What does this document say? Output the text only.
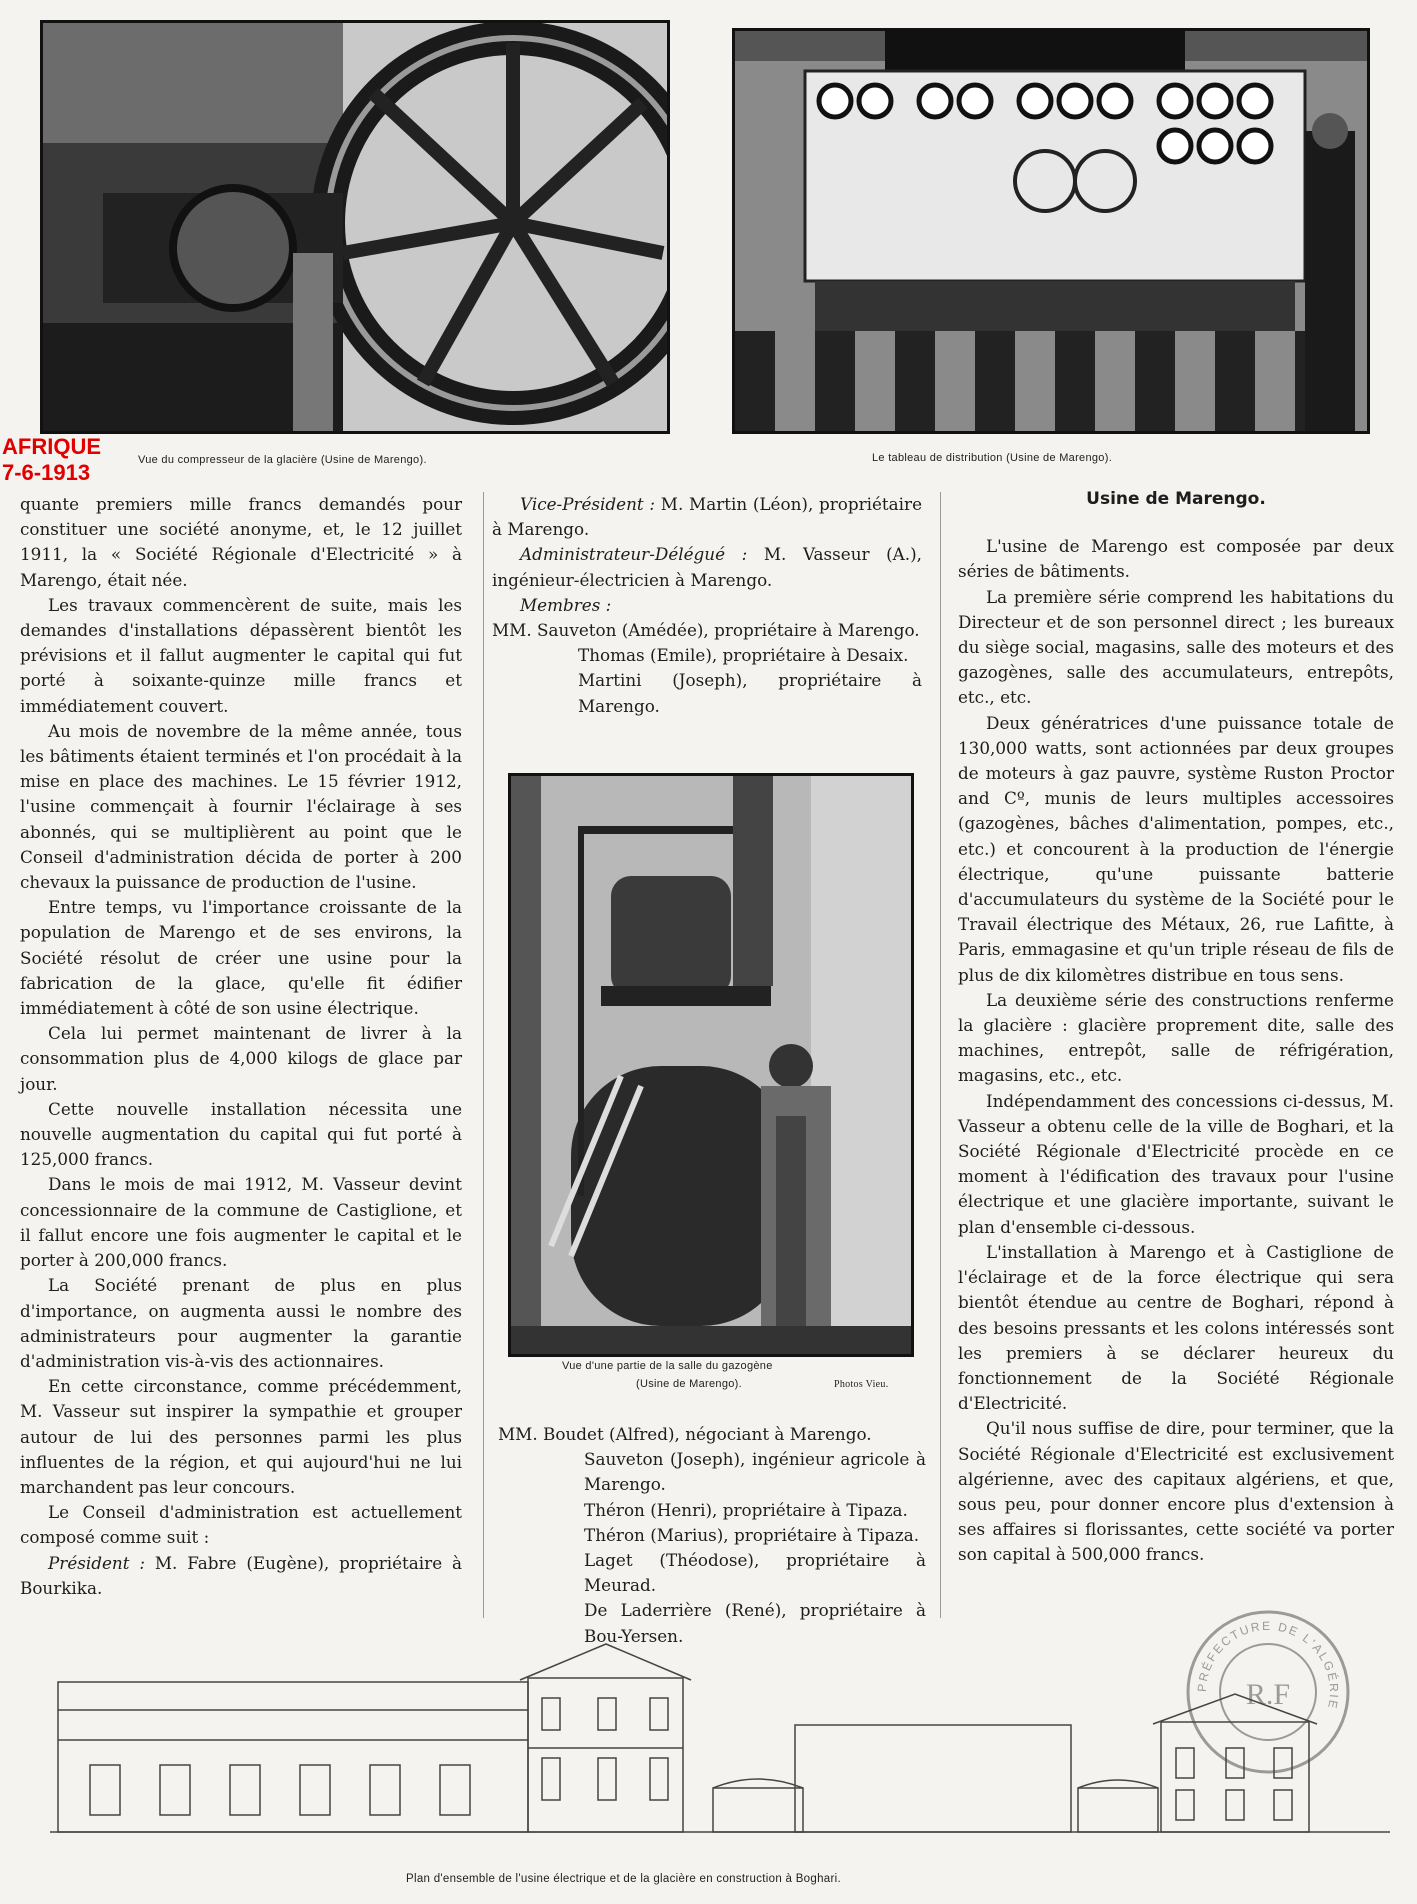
Vue du compresseur de la glacière (Usine de Marengo).	Le tableau de distribution (Usine de Marengo).
AFRIQUE
7-6-1913

quante premiers mille francs demandés pour constituer une société anonyme, et, le 12 juillet 1911, la « Société Régionale d'Electricité » à Marengo, était née.

Les travaux commencèrent de suite, mais les demandes d'installations dépassèrent bientôt les prévisions et il fallut augmenter le capital qui fut porté à soixante-quinze mille francs et immédiatement couvert.

Au mois de novembre de la même année, tous les bâtiments étaient terminés et l'on procédait à la mise en place des machines. Le 15 février 1912, l'usine commençait à fournir l'éclairage à ses abonnés, qui se multiplièrent au point que le Conseil d'administration décida de porter à 200 chevaux la puissance de production de l'usine.

Entre temps, vu l'importance croissante de la population de Marengo et de ses environs, la Société résolut de créer une usine pour la fabrication de la glace, qu'elle fit édifier immédiatement à côté de son usine électrique.

Cela lui permet maintenant de livrer à la consommation plus de 4,000 kilogs de glace par jour.

Cette nouvelle installation nécessita une nouvelle augmentation du capital qui fut porté à 125,000 francs.

Dans le mois de mai 1912, M. Vasseur devint concessionnaire de la commune de Castiglione, et il fallut encore une fois augmenter le capital et le porter à 200,000 francs.

La Société prenant de plus en plus d'importance, on augmenta aussi le nombre des administrateurs pour augmenter la garantie d'administration vis-à-vis des actionnaires.

En cette circonstance, comme précédemment, M. Vasseur sut inspirer la sympathie et grouper autour de lui des personnes parmi les plus influentes de la région, et qui aujourd'hui ne lui marchandent pas leur concours.

Le Conseil d'administration est actuellement composé comme suit :

Président : M. Fabre (Eugène), propriétaire à Bourkika.

Vice-Président : M. Martin (Léon), propriétaire à Marengo.

Administrateur-Délégué : M. Vasseur (A.), ingénieur-électricien à Marengo.

Membres :

MM. Sauveton (Amédée), propriétaire à Marengo.

Thomas (Emile), propriétaire à Desaix.

Martini (Joseph), propriétaire à Marengo.

Vue d'une partie de la salle du gazogène
(Usine de Marengo).	Photos Vieu.

MM. Boudet (Alfred), négociant à Marengo.

Sauveton (Joseph), ingénieur agricole à Marengo.

Théron (Henri), propriétaire à Tipaza.

Théron (Marius), propriétaire à Tipaza.

Laget (Théodose), propriétaire à Meurad.

De Laderrière (René), propriétaire à Bou-Yersen.

Usine de Marengo.

L'usine de Marengo est composée par deux séries de bâtiments.

La première série comprend les habitations du Directeur et de son personnel direct ; les bureaux du siège social, magasins, salle des moteurs et des gazogènes, salle des accumulateurs, entrepôts, etc., etc.

Deux génératrices d'une puissance totale de 130,000 watts, sont actionnées par deux groupes de moteurs à gaz pauvre, système Ruston Proctor and Cº, munis de leurs multiples accessoires (gazogènes, bâches d'alimentation, pompes, etc., etc.) et concourent à la production de l'énergie électrique, qu'une puissante batterie d'accumulateurs du système de la Société pour le Travail électrique des Métaux, 26, rue Lafitte, à Paris, emmagasine et qu'un triple réseau de fils de plus de dix kilomètres distribue en tous sens.

La deuxième série des constructions renferme la glacière : glacière proprement dite, salle des machines, entrepôt, salle de réfrigération, magasins, etc., etc.

Indépendamment des concessions ci-dessus, M. Vasseur a obtenu celle de la ville de Boghari, et la Société Régionale d'Electricité procède en ce moment à l'édification des travaux pour l'usine électrique et une glacière importante, suivant le plan d'ensemble ci-dessous.

L'installation à Marengo et à Castiglione de l'éclairage et de la force électrique qui sera bientôt étendue au centre de Boghari, répond à des besoins pressants et les colons intéressés sont les premiers à se déclarer heureux du fonctionnement de la Société Régionale d'Electricité.

Qu'il nous suffise de dire, pour terminer, que la Société Régionale d'Electricité est exclusivement algérienne, avec des capitaux algériens, et que, sous peu, pour donner encore plus d'extension à ses affaires si florissantes, cette société va porter son capital à 500,000 francs.

PRÉFECTURE DE L'ALGÉRIE
R.F
Plan d'ensemble de l'usine électrique et de la glacière en construction à Boghari.
